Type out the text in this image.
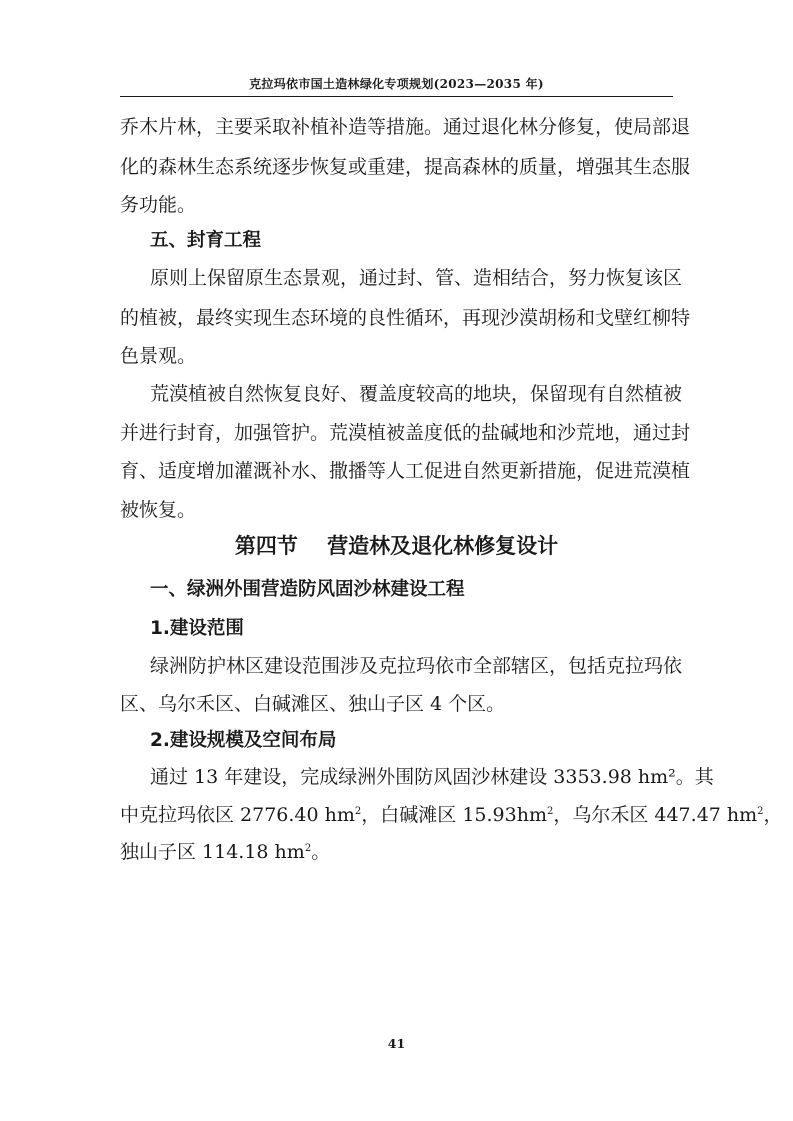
克拉玛依市国土造林绿化专项规划(2023—2035 年)
乔木片林，主要采取补植补造等措施。通过退化林分修复，使局部退
化的森林生态系统逐步恢复或重建，提高森林的质量，增强其生态服
务功能。
五、封育工程
原则上保留原生态景观，通过封、管、造相结合，努力恢复该区
的植被，最终实现生态环境的良性循环，再现沙漠胡杨和戈壁红柳特
色景观。
荒漠植被自然恢复良好、覆盖度较高的地块，保留现有自然植被
并进行封育，加强管护。荒漠植被盖度低的盐碱地和沙荒地，通过封
育、适度增加灌溉补水、撒播等人工促进自然更新措施，促进荒漠植
被恢复。
第四节    营造林及退化林修复设计
一、绿洲外围营造防风固沙林建设工程
1.建设范围
绿洲防护林区建设范围涉及克拉玛依市全部辖区，包括克拉玛依
区、乌尔禾区、白碱滩区、独山子区 4 个区。
2.建设规模及空间布局
通过 13 年建设，完成绿洲外围防风固沙林建设 3353.98 hm²。其
中克拉玛依区 2776.40 $hm^2$，白碱滩区 $15.93hm^2$，乌尔禾区 447.47 $hm^2$，
独山子区 114.18 $hm^2$。
41
